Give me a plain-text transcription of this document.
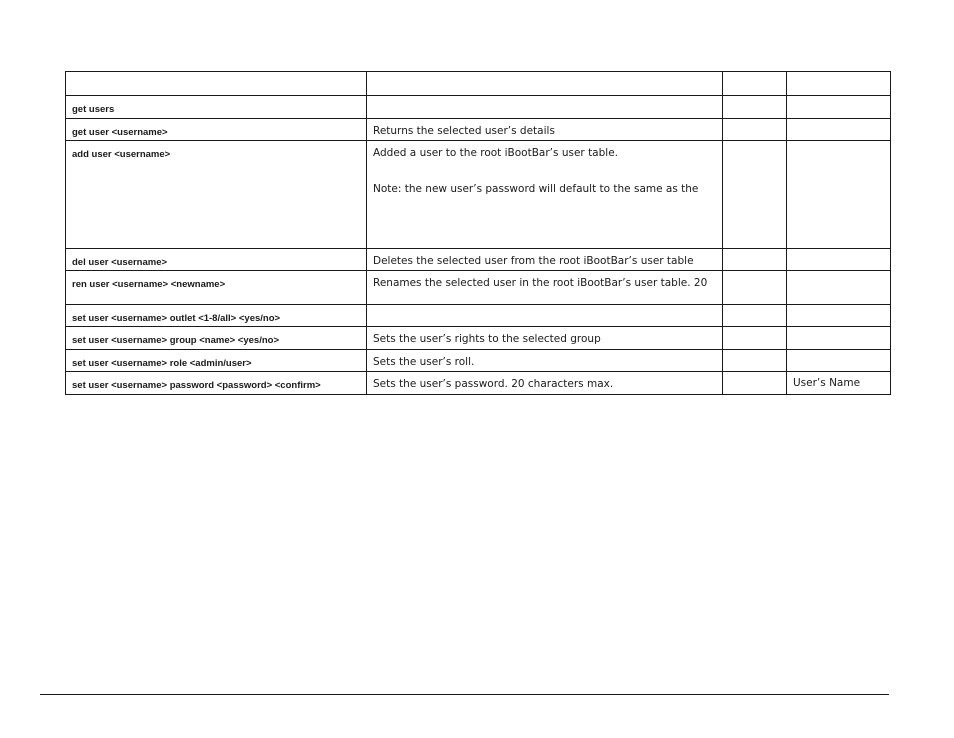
get users			

get user <username>	Returns the selected user’s details		

add user <username>	Added a user to the root iBootBar’s user table.

Note: the new user’s password will default to the same as the		

del user <username>	Deletes the selected user from the root iBootBar’s user table		

ren user <username> <newname>	Renames the selected user in the root iBootBar’s user table. 20		

set user <username> outlet <1-8/all> <yes/no>			

set user <username> group <name> <yes/no>	Sets the user’s rights to the selected group		

set user <username> role <admin/user>	Sets the user’s roll.		

set user <username> password <password> <confirm>	Sets the user’s password. 20 characters max.		User’s Name
